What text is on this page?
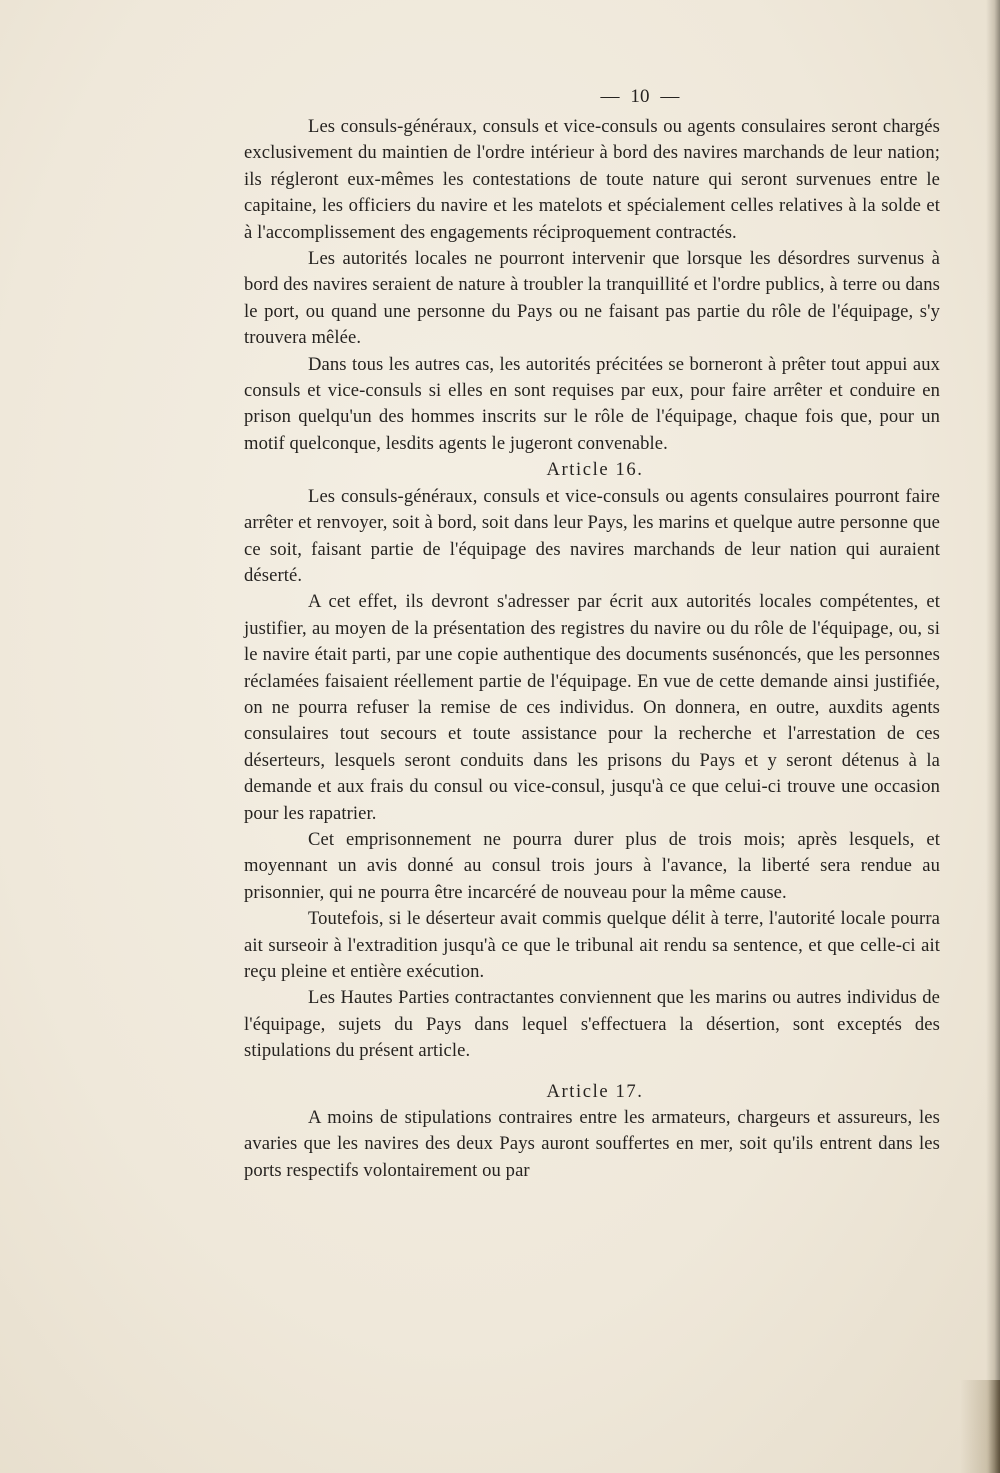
— 10 —

Les consuls-généraux, consuls et vice-consuls ou agents consulaires seront chargés exclusivement du maintien de l'ordre intérieur à bord des navires marchands de leur nation; ils régleront eux-mêmes les contestations de toute nature qui seront survenues entre le capitaine, les officiers du navire et les matelots et spécialement celles relatives à la solde et à l'accomplissement des engagements réciproquement contractés.

Les autorités locales ne pourront intervenir que lorsque les désordres survenus à bord des navires seraient de nature à troubler la tranquillité et l'ordre publics, à terre ou dans le port, ou quand une personne du Pays ou ne faisant pas partie du rôle de l'équipage, s'y trouvera mêlée.

Dans tous les autres cas, les autorités précitées se borneront à prêter tout appui aux consuls et vice-consuls si elles en sont requises par eux, pour faire arrêter et conduire en prison quelqu'un des hommes inscrits sur le rôle de l'équipage, chaque fois que, pour un motif quelconque, lesdits agents le jugeront convenable.

Article 16.

Les consuls-généraux, consuls et vice-consuls ou agents consulaires pourront faire arrêter et renvoyer, soit à bord, soit dans leur Pays, les marins et quelque autre personne que ce soit, faisant partie de l'équipage des navires marchands de leur nation qui auraient déserté.

A cet effet, ils devront s'adresser par écrit aux autorités locales compétentes, et justifier, au moyen de la présentation des registres du navire ou du rôle de l'équipage, ou, si le navire était parti, par une copie authentique des documents susénoncés, que les personnes réclamées faisaient réellement partie de l'équipage. En vue de cette demande ainsi justifiée, on ne pourra refuser la remise de ces individus. On donnera, en outre, auxdits agents consulaires tout secours et toute assistance pour la recherche et l'arrestation de ces déserteurs, lesquels seront conduits dans les prisons du Pays et y seront détenus à la demande et aux frais du consul ou vice-consul, jusqu'à ce que celui-ci trouve une occasion pour les rapatrier.

Cet emprisonnement ne pourra durer plus de trois mois; après lesquels, et moyennant un avis donné au consul trois jours à l'avance, la liberté sera rendue au prisonnier, qui ne pourra être incarcéré de nouveau pour la même cause.

Toutefois, si le déserteur avait commis quelque délit à terre, l'autorité locale pourra ait surseoir à l'extradition jusqu'à ce que le tribunal ait rendu sa sentence, et que celle-ci ait reçu pleine et entière exécution.

Les Hautes Parties contractantes conviennent que les marins ou autres individus de l'équipage, sujets du Pays dans lequel s'effectuera la désertion, sont exceptés des stipulations du présent article.

Article 17.

A moins de stipulations contraires entre les armateurs, chargeurs et assureurs, les avaries que les navires des deux Pays auront souffertes en mer, soit qu'ils entrent dans les ports respectifs volontairement ou par
